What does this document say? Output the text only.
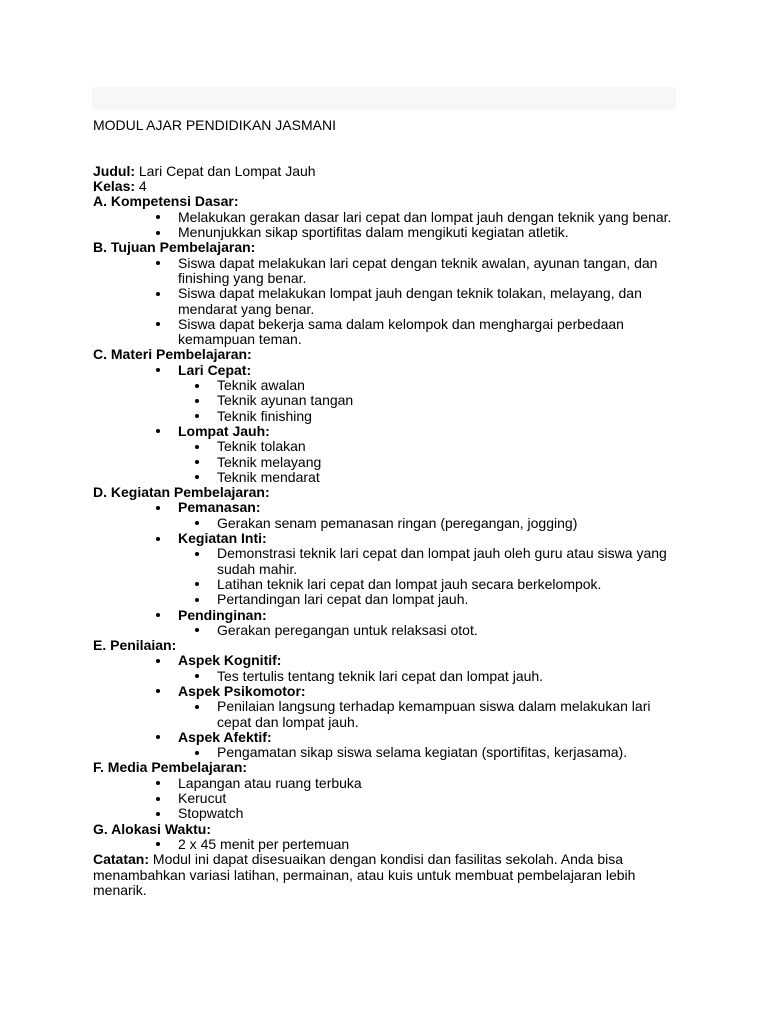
MODUL AJAR PENDIDIKAN JASMANI
Judul: Lari Cepat dan Lompat Jauh
Kelas: 4
A. Kompetensi Dasar:
Melakukan gerakan dasar lari cepat dan lompat jauh dengan teknik yang benar.
Menunjukkan sikap sportifitas dalam mengikuti kegiatan atletik.
B. Tujuan Pembelajaran:
Siswa dapat melakukan lari cepat dengan teknik awalan, ayunan tangan, dan finishing yang benar.
Siswa dapat melakukan lompat jauh dengan teknik tolakan, melayang, dan mendarat yang benar.
Siswa dapat bekerja sama dalam kelompok dan menghargai perbedaan kemampuan teman.
C. Materi Pembelajaran:
Lari Cepat:
Teknik awalan
Teknik ayunan tangan
Teknik finishing
Lompat Jauh:
Teknik tolakan
Teknik melayang
Teknik mendarat
D. Kegiatan Pembelajaran:
Pemanasan:
Gerakan senam pemanasan ringan (peregangan, jogging)
Kegiatan Inti:
Demonstrasi teknik lari cepat dan lompat jauh oleh guru atau siswa yang sudah mahir.
Latihan teknik lari cepat dan lompat jauh secara berkelompok.
Pertandingan lari cepat dan lompat jauh.
Pendinginan:
Gerakan peregangan untuk relaksasi otot.
E. Penilaian:
Aspek Kognitif:
Tes tertulis tentang teknik lari cepat dan lompat jauh.
Aspek Psikomotor:
Penilaian langsung terhadap kemampuan siswa dalam melakukan lari cepat dan lompat jauh.
Aspek Afektif:
Pengamatan sikap siswa selama kegiatan (sportifitas, kerjasama).
F. Media Pembelajaran:
Lapangan atau ruang terbuka
Kerucut
Stopwatch
G. Alokasi Waktu:
2 x 45 menit per pertemuan
Catatan: Modul ini dapat disesuaikan dengan kondisi dan fasilitas sekolah. Anda bisa menambahkan variasi latihan, permainan, atau kuis untuk membuat pembelajaran lebih menarik.
